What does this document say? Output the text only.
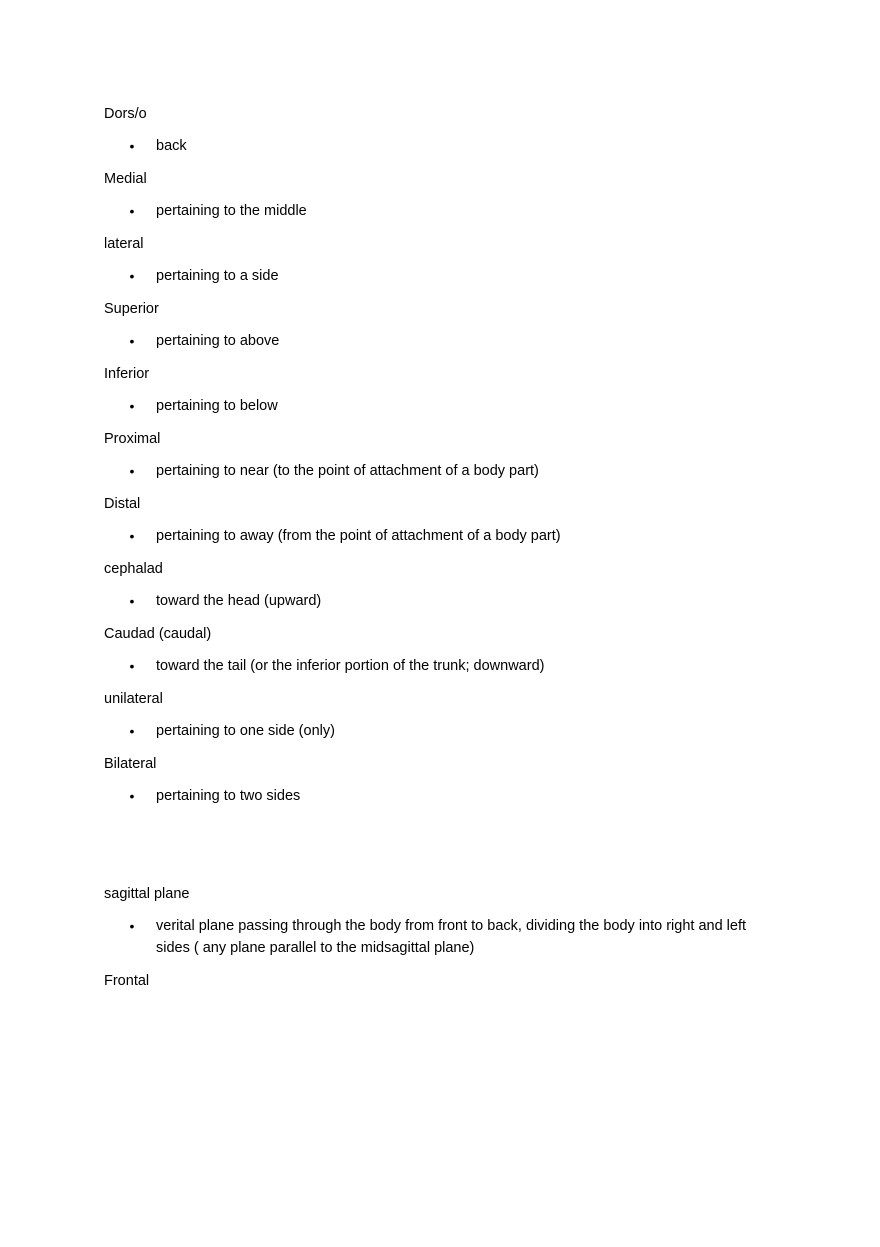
Dors/o

• back

Medial

• pertaining to the middle

lateral

• pertaining to a side

Superior

• pertaining to above

Inferior

• pertaining to below

Proximal

• pertaining to near (to the point of attachment of a body part)

Distal

• pertaining to away (from the point of attachment of a body part)

cephalad

• toward the head (upward)

Caudad (caudal)

• toward the tail (or the inferior portion of the trunk; downward)

unilateral

• pertaining to one side (only)

Bilateral

• pertaining to two sides

sagittal plane

• verital plane passing through the body from front to back, dividing the body into right and left sides ( any plane parallel to the midsagittal plane)

Frontal
